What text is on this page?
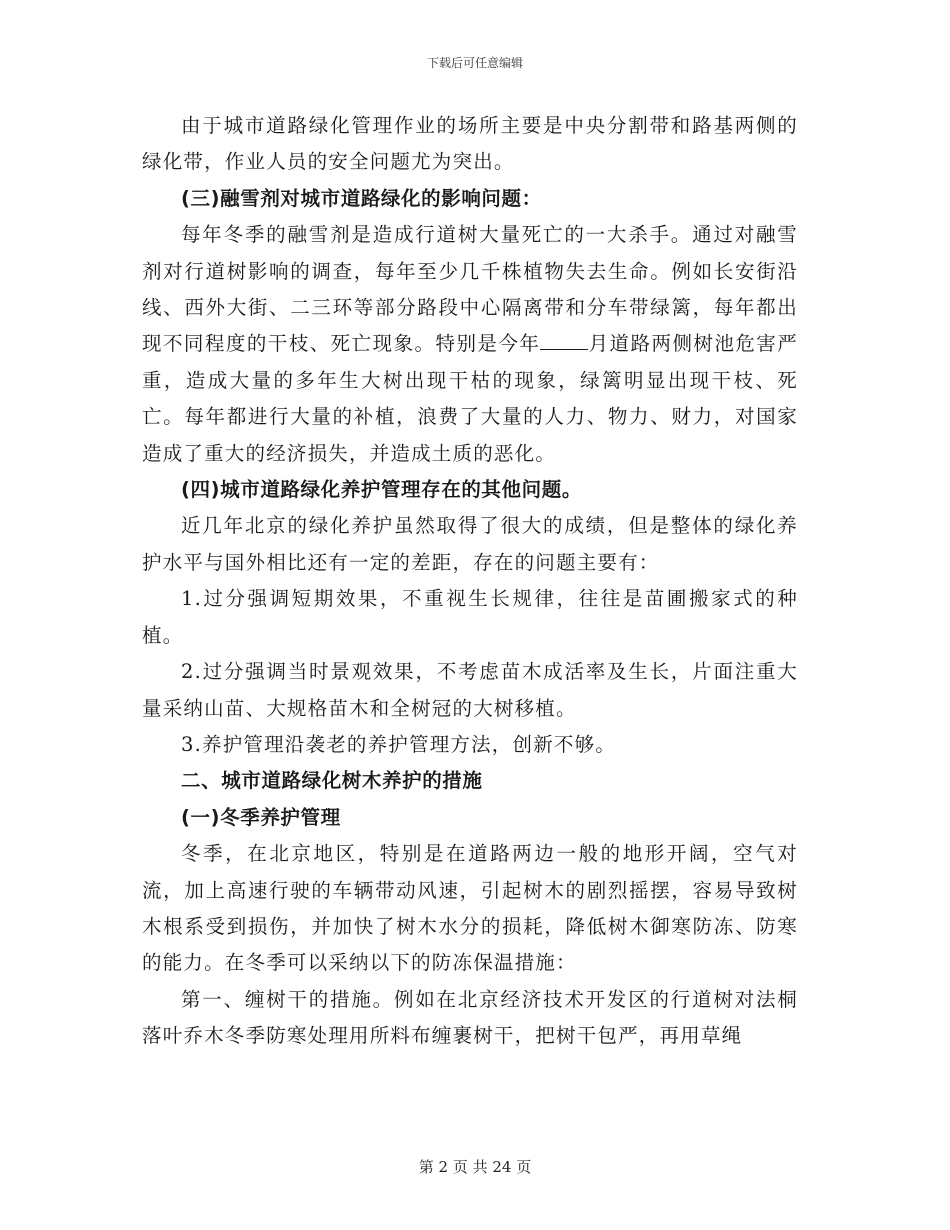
下载后可任意编辑

由于城市道路绿化管理作业的场所主要是中央分割带和路基两侧的绿化带，作业人员的安全问题尤为突出。

(三)融雪剂对城市道路绿化的影响问题：

每年冬季的融雪剂是造成行道树大量死亡的一大杀手。通过对融雪剂对行道树影响的调查，每年至少几千株植物失去生命。例如长安街沿线、西外大街、二三环等部分路段中心隔离带和分车带绿篱，每年都出现不同程度的干枝、死亡现象。特别是今年 月道路两侧树池危害严重，造成大量的多年生大树出现干枯的现象，绿篱明显出现干枝、死亡。每年都进行大量的补植，浪费了大量的人力、物力、财力，对国家造成了重大的经济损失，并造成土质的恶化。

(四)城市道路绿化养护管理存在的其他问题。

近几年北京的绿化养护虽然取得了很大的成绩，但是整体的绿化养护水平与国外相比还有一定的差距，存在的问题主要有：

1.过分强调短期效果，不重视生长规律，往往是苗圃搬家式的种植。

2.过分强调当时景观效果，不考虑苗木成活率及生长，片面注重大量采纳山苗、大规格苗木和全树冠的大树移植。

3.养护管理沿袭老的养护管理方法，创新不够。

二、城市道路绿化树木养护的措施

(一)冬季养护管理

冬季，在北京地区，特别是在道路两边一般的地形开阔，空气对流，加上高速行驶的车辆带动风速，引起树木的剧烈摇摆，容易导致树木根系受到损伤，并加快了树木水分的损耗，降低树木御寒防冻、防寒的能力。在冬季可以采纳以下的防冻保温措施：

第一、缠树干的措施。例如在北京经济技术开发区的行道树对法桐落叶乔木冬季防寒处理用所料布缠裹树干，把树干包严，再用草绳

第 2 页 共 24 页
